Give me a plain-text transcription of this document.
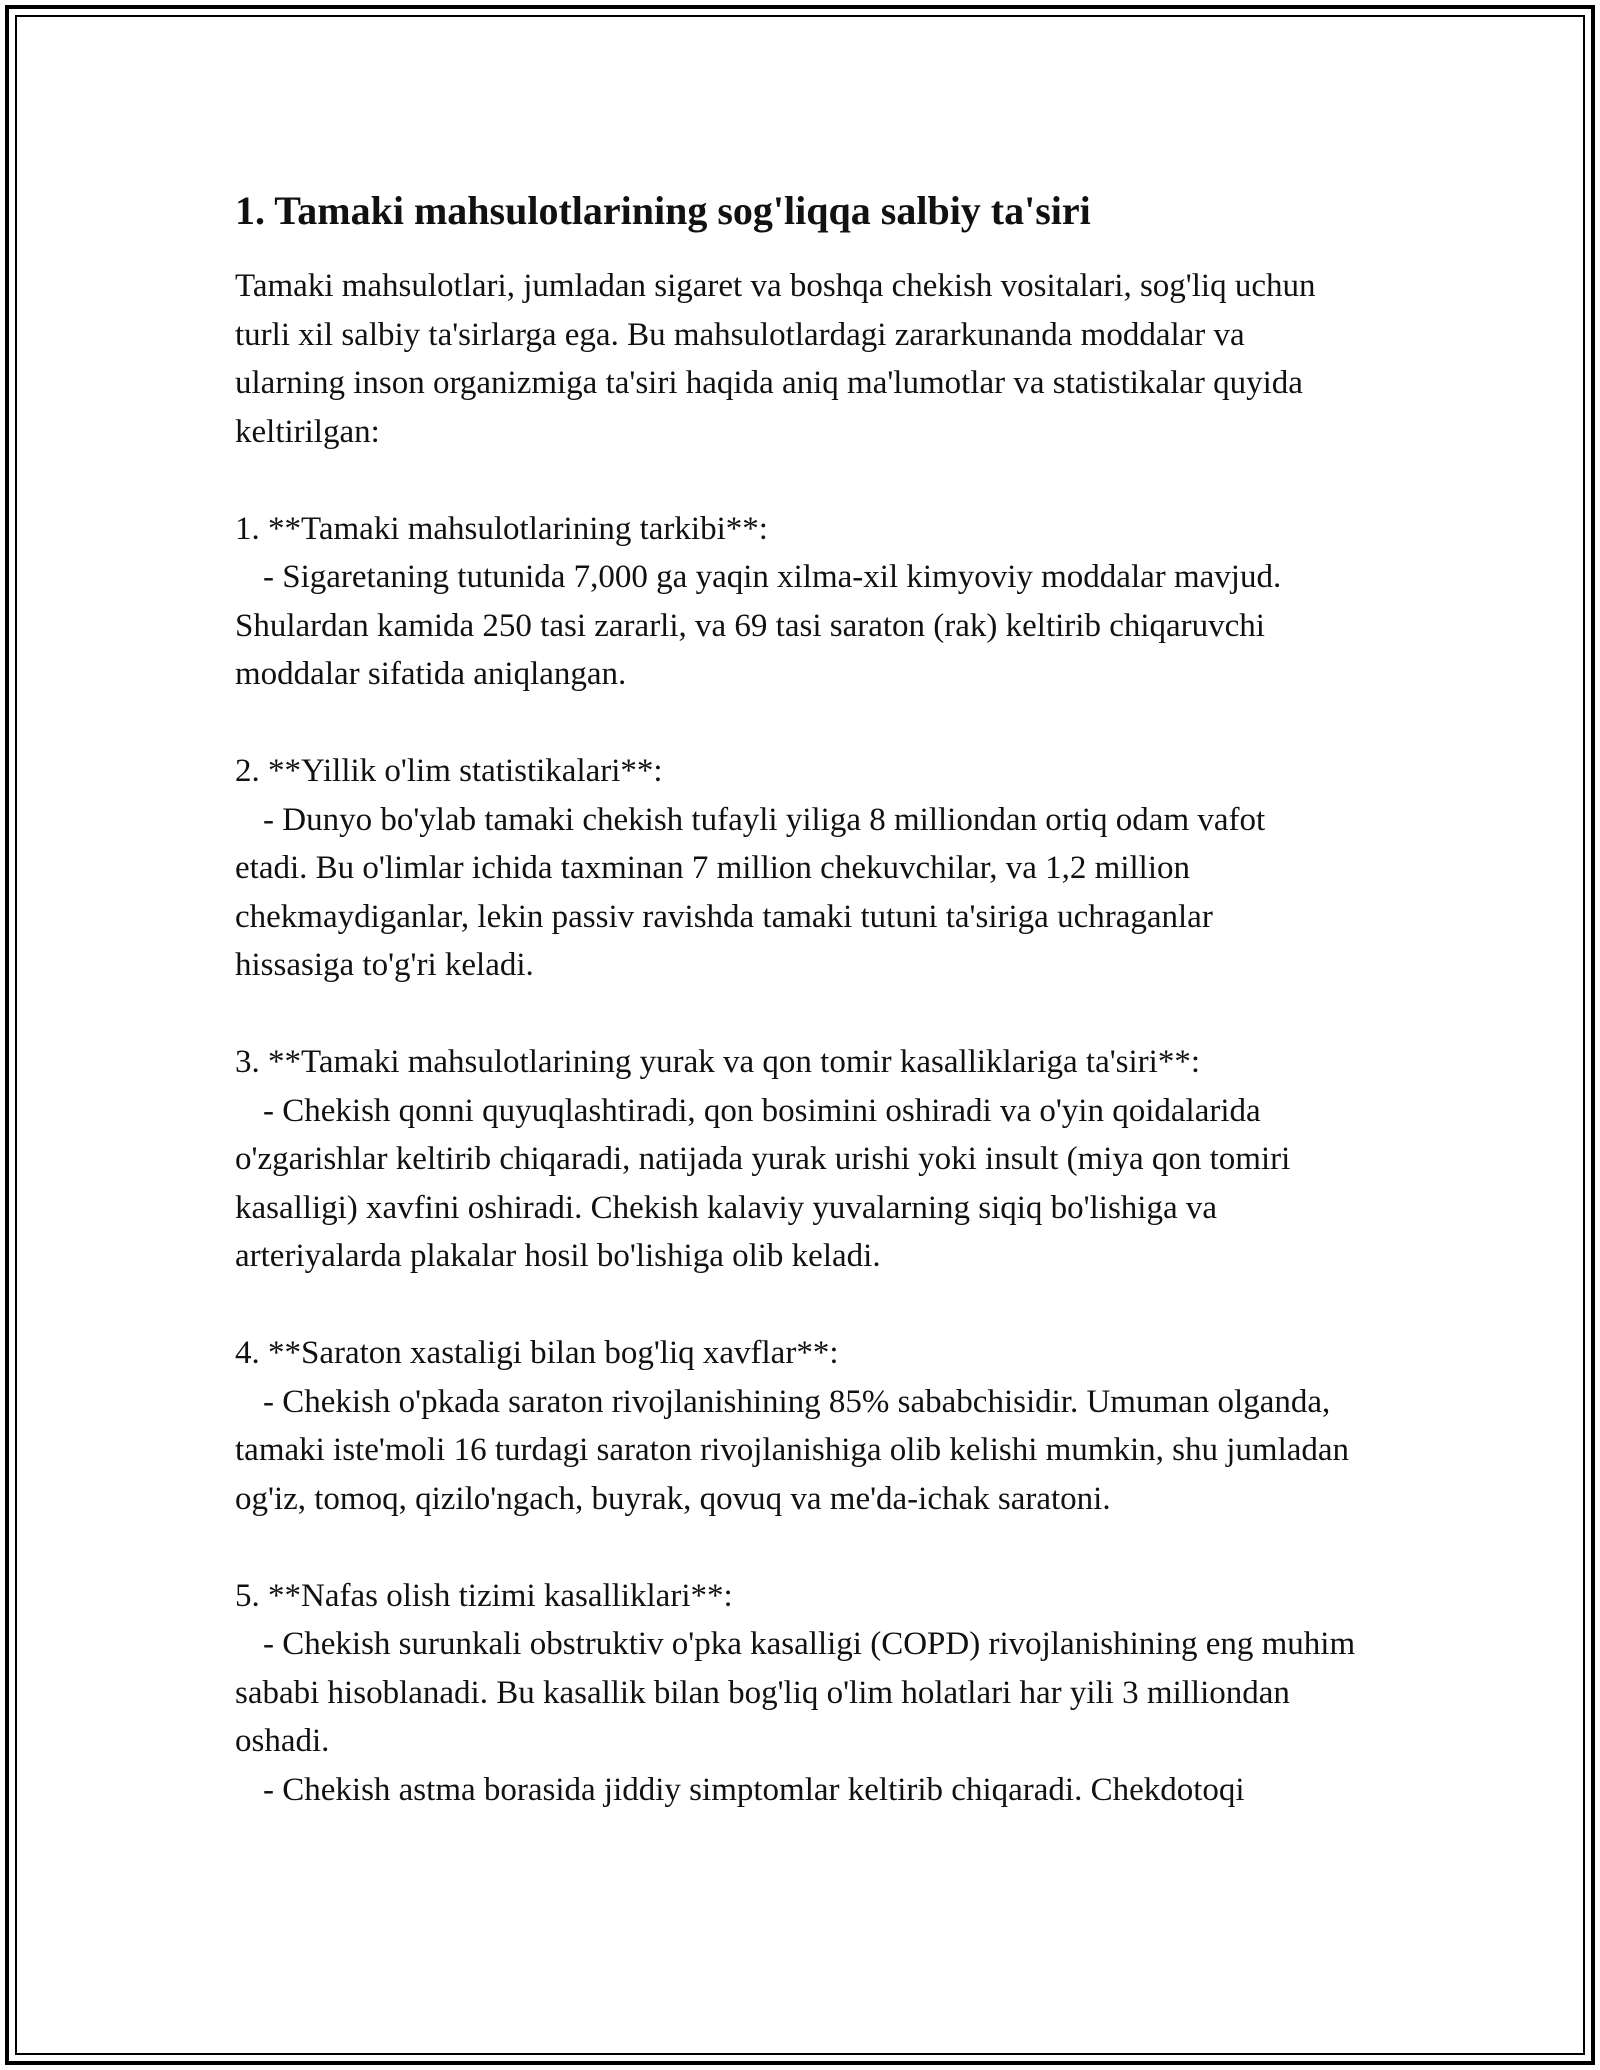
1. Tamaki mahsulotlarining sog'liqqa salbiy ta'siri

Tamaki mahsulotlari, jumladan sigaret va boshqa chekish vositalari, sog'liq uchun turli xil salbiy ta'sirlarga ega. Bu mahsulotlardagi zararkunanda moddalar va ularning inson organizmiga ta'siri haqida aniq ma'lumotlar va statistikalar quyida keltirilgan:

1. **Tamaki mahsulotlarining tarkibi**:

- Sigaretaning tutunida 7,000 ga yaqin xilma-xil kimyoviy moddalar mavjud. Shulardan kamida 250 tasi zararli, va 69 tasi saraton (rak) keltirib chiqaruvchi moddalar sifatida aniqlangan.

2. **Yillik o'lim statistikalari**:

- Dunyo bo'ylab tamaki chekish tufayli yiliga 8 milliondan ortiq odam vafot etadi. Bu o'limlar ichida taxminan 7 million chekuvchilar, va 1,2 million chekmaydiganlar, lekin passiv ravishda tamaki tutuni ta'siriga uchraganlar hissasiga to'g'ri keladi.

3. **Tamaki mahsulotlarining yurak va qon tomir kasalliklariga ta'siri**:

- Chekish qonni quyuqlashtiradi, qon bosimini oshiradi va o'yin qoidalarida o'zgarishlar keltirib chiqaradi, natijada yurak urishi yoki insult (miya qon tomiri kasalligi) xavfini oshiradi. Chekish kalaviy yuvalarning siqiq bo'lishiga va arteriyalarda plakalar hosil bo'lishiga olib keladi.

4. **Saraton xastaligi bilan bog'liq xavflar**:

- Chekish o'pkada saraton rivojlanishining 85% sababchisidir. Umuman olganda, tamaki iste'moli 16 turdagi saraton rivojlanishiga olib kelishi mumkin, shu jumladan og'iz, tomoq, qizilo'ngach, buyrak, qovuq va me'da-ichak saratoni.

5. **Nafas olish tizimi kasalliklari**:

- Chekish surunkali obstruktiv o'pka kasalligi (COPD) rivojlanishining eng muhim sababi hisoblanadi. Bu kasallik bilan bog'liq o'lim holatlari har yili 3 milliondan oshadi.

- Chekish astma borasida jiddiy simptomlar keltirib chiqaradi. Chekdotoqi
